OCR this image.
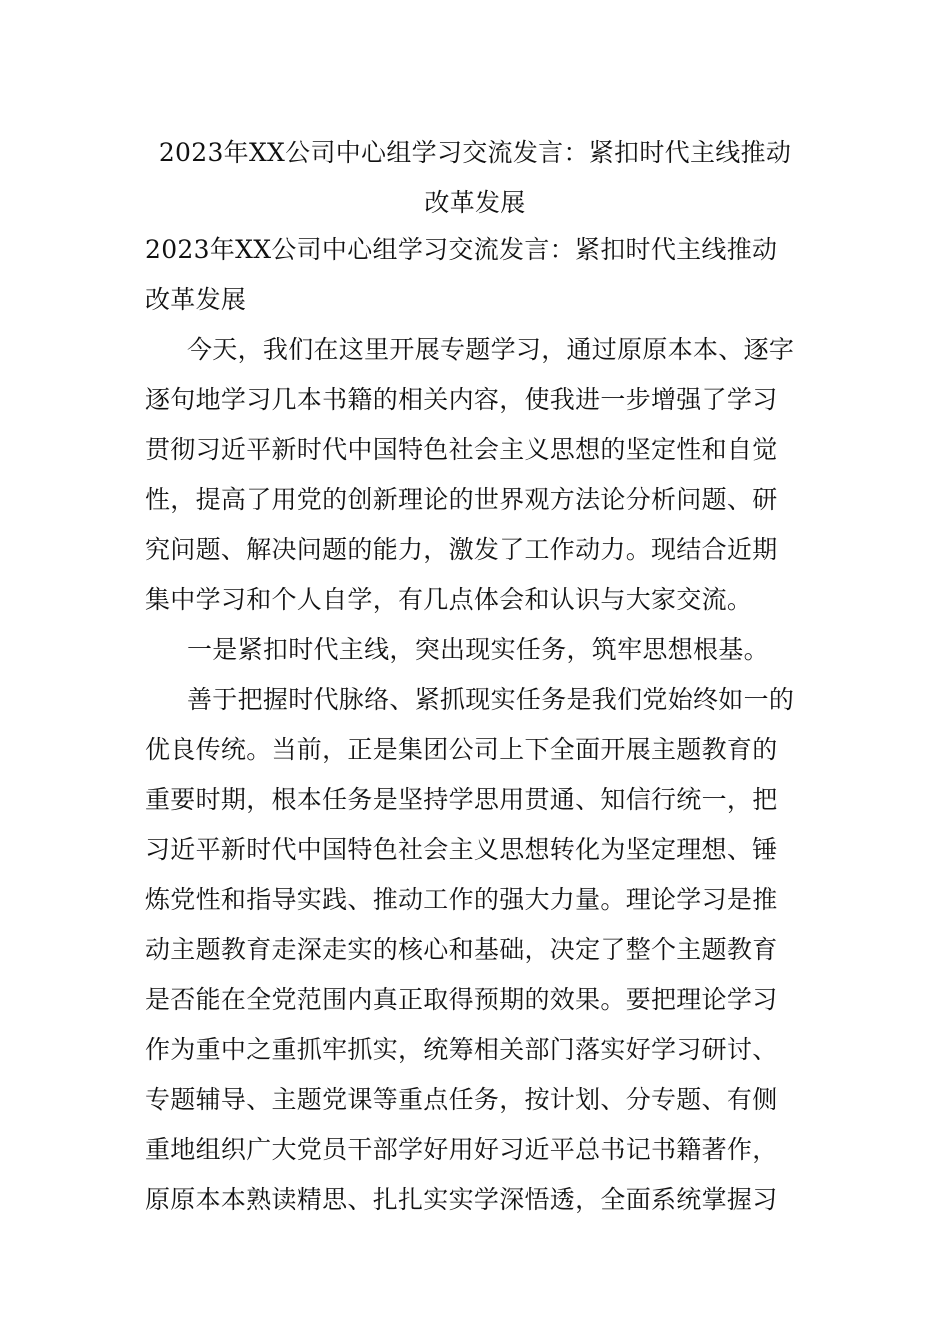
2023年XX公司中心组学习交流发言：紧扣时代主线推动
改革发展
2023年XX公司中心组学习交流发言：紧扣时代主线推动
改革发展
今天，我们在这里开展专题学习，通过原原本本、逐字
逐句地学习几本书籍的相关内容，使我进一步增强了学习
贯彻习近平新时代中国特色社会主义思想的坚定性和自觉
性，提高了用党的创新理论的世界观方法论分析问题、研
究问题、解决问题的能力，激发了工作动力。现结合近期
集中学习和个人自学，有几点体会和认识与大家交流。
一是紧扣时代主线，突出现实任务，筑牢思想根基。
善于把握时代脉络、紧抓现实任务是我们党始终如一的
优良传统。当前，正是集团公司上下全面开展主题教育的
重要时期，根本任务是坚持学思用贯通、知信行统一，把
习近平新时代中国特色社会主义思想转化为坚定理想、锤
炼党性和指导实践、推动工作的强大力量。理论学习是推
动主题教育走深走实的核心和基础，决定了整个主题教育
是否能在全党范围内真正取得预期的效果。要把理论学习
作为重中之重抓牢抓实，统筹相关部门落实好学习研讨、
专题辅导、主题党课等重点任务，按计划、分专题、有侧
重地组织广大党员干部学好用好习近平总书记书籍著作，
原原本本熟读精思、扎扎实实学深悟透，全面系统掌握习
